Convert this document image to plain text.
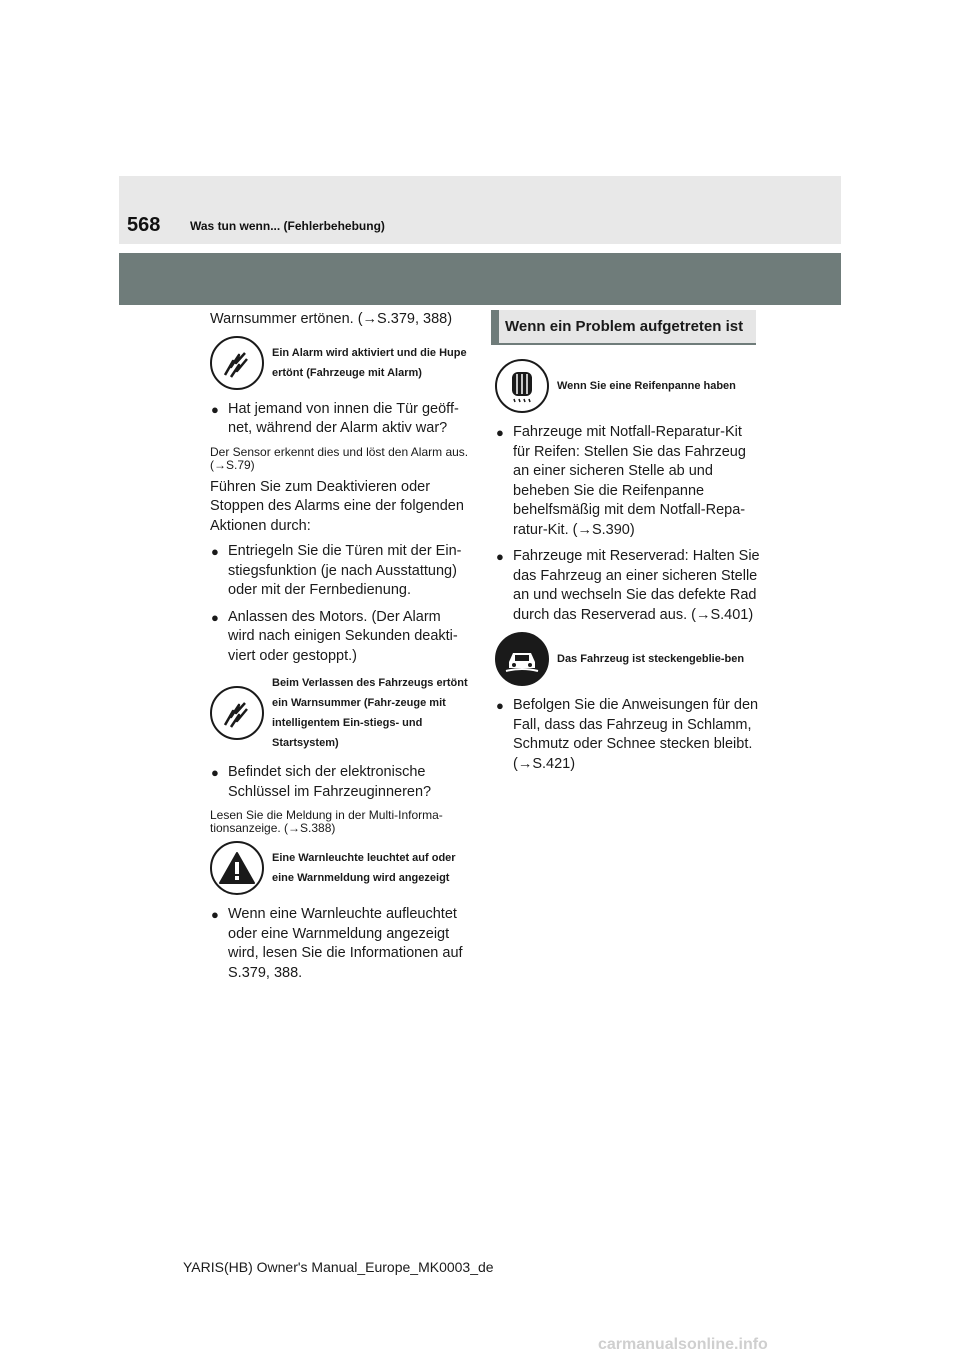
568 Was tun wenn... (Fehlerbehebung)

Warnsummer ertönen. (→S.379, 388)

Ein Alarm wird aktiviert und die Hupe ertönt (Fahrzeuge mit Alarm)
● Hat jemand von innen die Tür geöff-net, während der Alarm aktiv war?

Der Sensor erkennt dies und löst den Alarm aus. (→S.79)

Führen Sie zum Deaktivieren oder Stoppen des Alarms eine der folgenden Aktionen durch:

● Entriegeln Sie die Türen mit der Ein-stiegsfunktion (je nach Ausstattung) oder mit der Fernbedienung.
● Anlassen des Motors. (Der Alarm wird nach einigen Sekunden deakti-viert oder gestoppt.)
Beim Verlassen des Fahrzeugs ertönt ein Warnsummer (Fahr-zeuge mit intelligentem Ein-stiegs- und Startsystem)
● Befindet sich der elektronische Schlüssel im Fahrzeuginneren?

Lesen Sie die Meldung in der Multi-Informa-tionsanzeige. (→S.388)

Eine Warnleuchte leuchtet auf oder eine Warnmeldung wird angezeigt
● Wenn eine Warnleuchte aufleuchtet oder eine Warnmeldung angezeigt wird, lesen Sie die Informationen auf S.379, 388.
Wenn ein Problem aufgetreten ist
Wenn Sie eine Reifenpanne haben
● Fahrzeuge mit Notfall-Reparatur-Kit für Reifen: Stellen Sie das Fahrzeug an einer sicheren Stelle ab und beheben Sie die Reifenpanne behelfsmäßig mit dem Notfall-Repa-ratur-Kit. (→S.390)
● Fahrzeuge mit Reserverad: Halten Sie das Fahrzeug an einer sicheren Stelle an und wechseln Sie das defekte Rad durch das Reserverad aus. (→S.401)
Das Fahrzeug ist steckengeblie-ben
● Befolgen Sie die Anweisungen für den Fall, dass das Fahrzeug in Schlamm, Schmutz oder Schnee stecken bleibt. (→S.421)
YARIS(HB) Owner's Manual_Europe_MK0003_de
carmanualsonline.info
